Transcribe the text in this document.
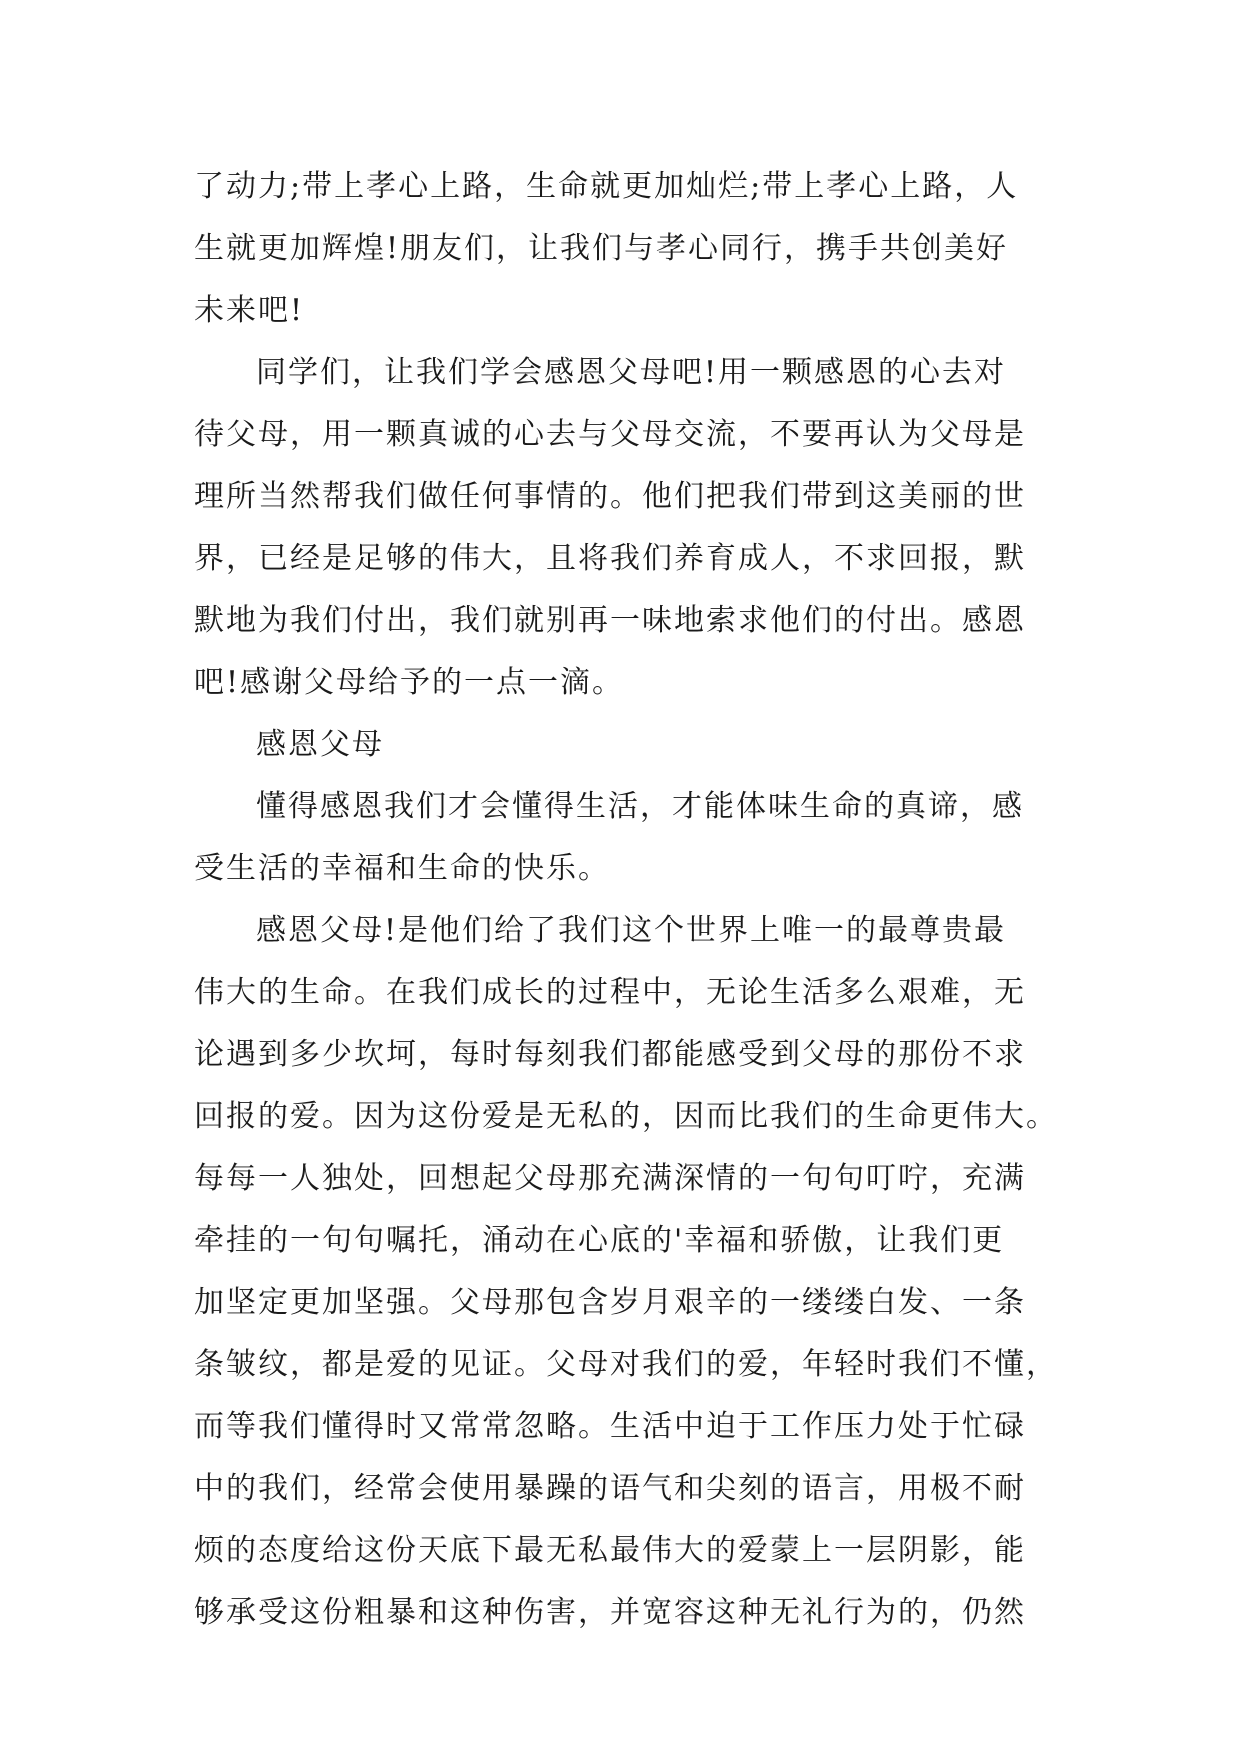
了动力;带上孝心上路，生命就更加灿烂;带上孝心上路，人
生就更加辉煌!朋友们，让我们与孝心同行，携手共创美好
未来吧!
同学们，让我们学会感恩父母吧!用一颗感恩的心去对
待父母，用一颗真诚的心去与父母交流，不要再认为父母是
理所当然帮我们做任何事情的。他们把我们带到这美丽的世
界，已经是足够的伟大，且将我们养育成人，不求回报，默
默地为我们付出，我们就别再一味地索求他们的付出。感恩
吧!感谢父母给予的一点一滴。
感恩父母
懂得感恩我们才会懂得生活，才能体味生命的真谛，感
受生活的幸福和生命的快乐。
感恩父母!是他们给了我们这个世界上唯一的最尊贵最
伟大的生命。在我们成长的过程中，无论生活多么艰难，无
论遇到多少坎坷，每时每刻我们都能感受到父母的那份不求
回报的爱。因为这份爱是无私的，因而比我们的生命更伟大。
每每一人独处，回想起父母那充满深情的一句句叮咛，充满
牵挂的一句句嘱托，涌动在心底的'幸福和骄傲，让我们更
加坚定更加坚强。父母那包含岁月艰辛的一缕缕白发、一条
条皱纹，都是爱的见证。父母对我们的爱，年轻时我们不懂，
而等我们懂得时又常常忽略。生活中迫于工作压力处于忙碌
中的我们，经常会使用暴躁的语气和尖刻的语言，用极不耐
烦的态度给这份天底下最无私最伟大的爱蒙上一层阴影，能
够承受这份粗暴和这种伤害，并宽容这种无礼行为的，仍然
